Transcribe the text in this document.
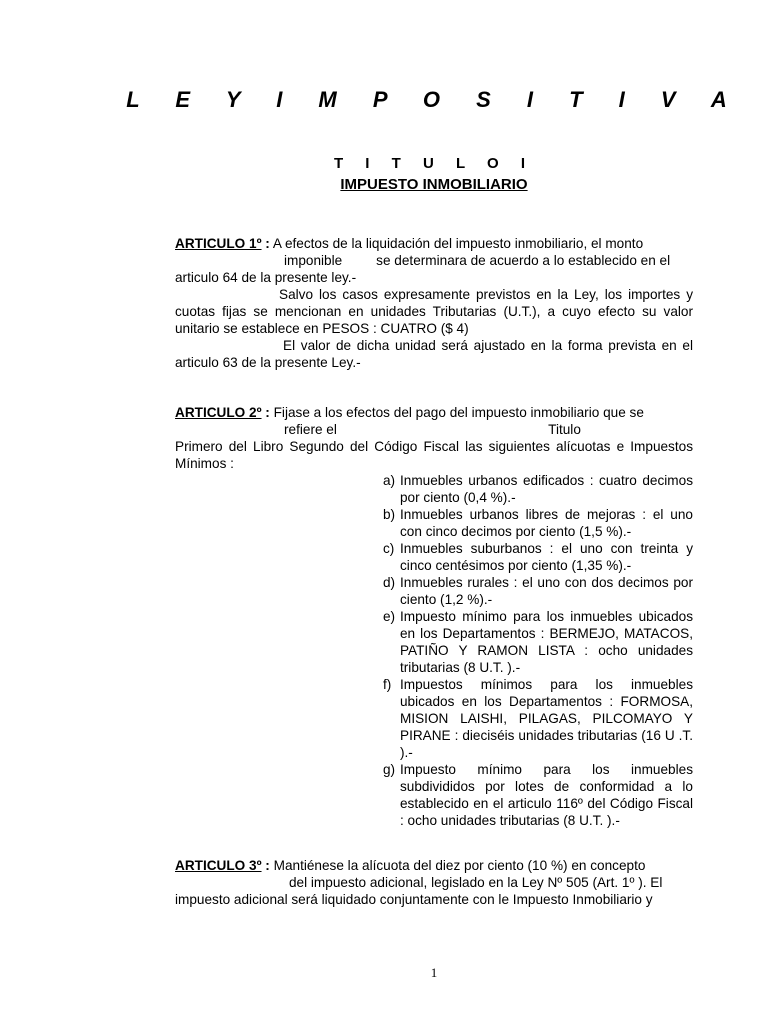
L E Y I M P O S I T I V A
T I T U L O I
IMPUESTO INMOBILIARIO

ARTICULO 1º : A efectos de la liquidación del impuesto inmobiliario, el monto

imponible         se determinara de acuerdo a lo establecido en el

articulo 64 de la presente ley.-

Salvo los casos expresamente previstos en la Ley, los importes y cuotas fijas se mencionan en unidades Tributarias (U.T.), a cuyo efecto su valor unitario se establece en PESOS : CUATRO ($ 4)

El valor de dicha unidad será ajustado en la forma prevista en el articulo 63 de la presente Ley.-

ARTICULO 2º : Fijase a los efectos del pago del impuesto inmobiliario que se

refiere el                                                        Titulo

Primero del Libro Segundo del Código Fiscal las siguientes alícuotas e Impuestos Mínimos :

a) Inmuebles urbanos edificados : cuatro decimos por ciento (0,4 %).-
b) Inmuebles urbanos libres de mejoras : el uno con cinco decimos por ciento (1,5 %).-
c) Inmuebles suburbanos : el uno con treinta y cinco centésimos por ciento (1,35 %).-
d) Inmuebles rurales : el uno con dos decimos por ciento (1,2 %).-
e) Impuesto mínimo para los inmuebles ubicados en los Departamentos : BERMEJO, MATACOS, PATIÑO Y RAMON LISTA : ocho unidades tributarias (8 U.T. ).-
f) Impuestos mínimos para los inmuebles ubicados en los Departamentos : FORMOSA, MISION LAISHI, PILAGAS, PILCOMAYO Y PIRANE : dieciséis unidades tributarias (16 U .T. ).-
g) Impuesto mínimo para los inmuebles subdivididos por lotes de conformidad a lo establecido en el articulo 116º del Código Fiscal : ocho unidades tributarias (8 U.T. ).-

ARTICULO 3º : Mantiénese la alícuota del diez por ciento (10 %) en concepto

del impuesto adicional, legislado en la Ley Nº 505 (Art. 1º ). El

impuesto adicional será liquidado conjuntamente con le Impuesto Inmobiliario y

1
